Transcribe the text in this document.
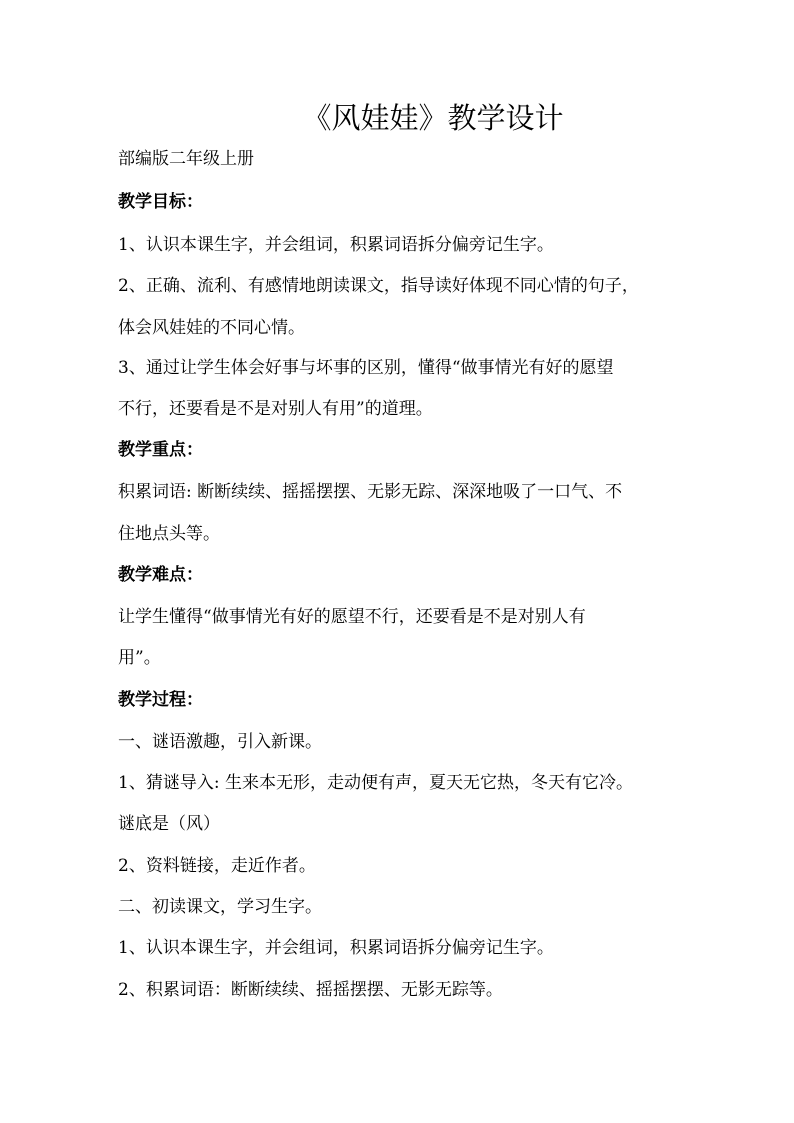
《风娃娃》教学设计

部编版二年级上册

教学目标：

1、认识本课生字，并会组词，积累词语拆分偏旁记生字。

2、正确、流利、有感情地朗读课文，指导读好体现不同心情的句子，

体会风娃娃的不同心情。

3、通过让学生体会好事与坏事的区别，懂得“做事情光有好的愿望

不行，还要看是不是对别人有用”的道理。

教学重点：

积累词语: 断断续续、摇摇摆摆、无影无踪、深深地吸了一口气、不

住地点头等。

教学难点：

让学生懂得“做事情光有好的愿望不行，还要看是不是对别人有

用”。

教学过程：

一、谜语激趣，引入新课。

1、猜谜导入: 生来本无形，走动便有声，夏天无它热，冬天有它冷。

谜底是（风）

2、资料链接，走近作者。

二、初读课文，学习生字。

1、认识本课生字，并会组词，积累词语拆分偏旁记生字。

2、积累词语：断断续续、摇摇摆摆、无影无踪等。
